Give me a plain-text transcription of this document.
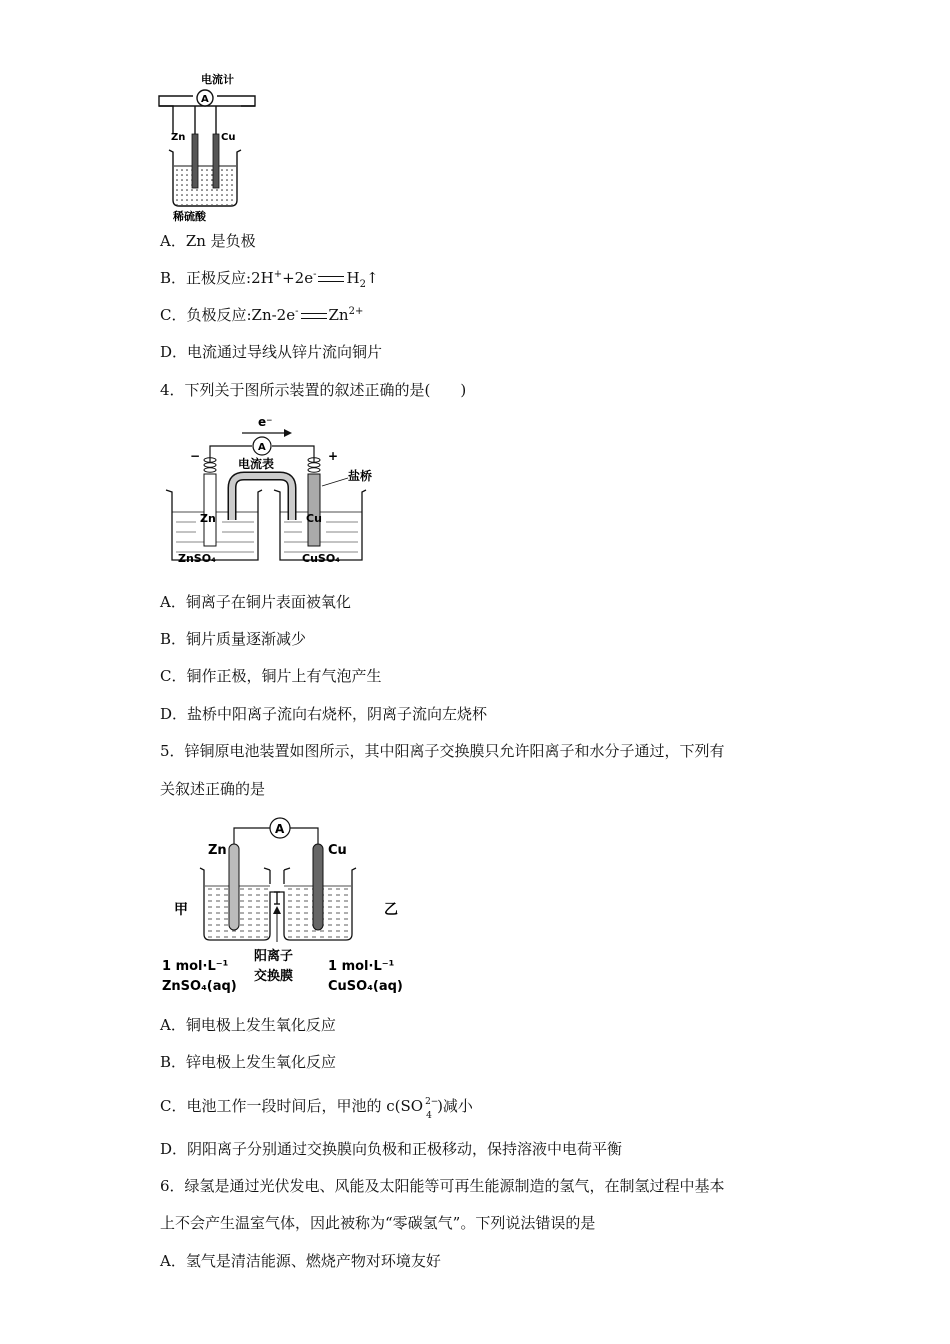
A
电流计
Zn	Cu
稀硫酸
A．Zn 是负极
B．正极反应:2H++2e- $H_2↑$
C．负极反应:Zn-2e- $Zn^{2+}$
D．电流通过导线从锌片流向铜片
4．下列关于图所示装置的叙述正确的是(　　)
e⁻
A
电流表
−	+
盐桥
Zn	Cu
ZnSO₄	CuSO₄
A．铜离子在铜片表面被氧化
B．铜片质量逐渐减少
C．铜作正极，铜片上有气泡产生
D．盐桥中阳离子流向右烧杯，阴离子流向左烧杯
5．锌铜原电池装置如图所示，其中阳离子交换膜只允许阳离子和水分子通过，下列有
关叙述正确的是
A
Zn	Cu
甲	乙
1 mol·L⁻¹
ZnSO₄(aq)
阳离子
交换膜
1 mol·L⁻¹
CuSO₄(aq)
A．铜电极上发生氧化反应
B．锌电极上发生氧化反应
C．电池工作一段时间后，甲池的 c(SO 2−
4
)减小
D．阴阳离子分别通过交换膜向负极和正极移动，保持溶液中电荷平衡
6．绿氢是通过光伏发电、风能及太阳能等可再生能源制造的氢气，在制氢过程中基本
上不会产生温室气体，因此被称为“零碳氢气”。下列说法错误的是
A．氢气是清洁能源、燃烧产物对环境友好
